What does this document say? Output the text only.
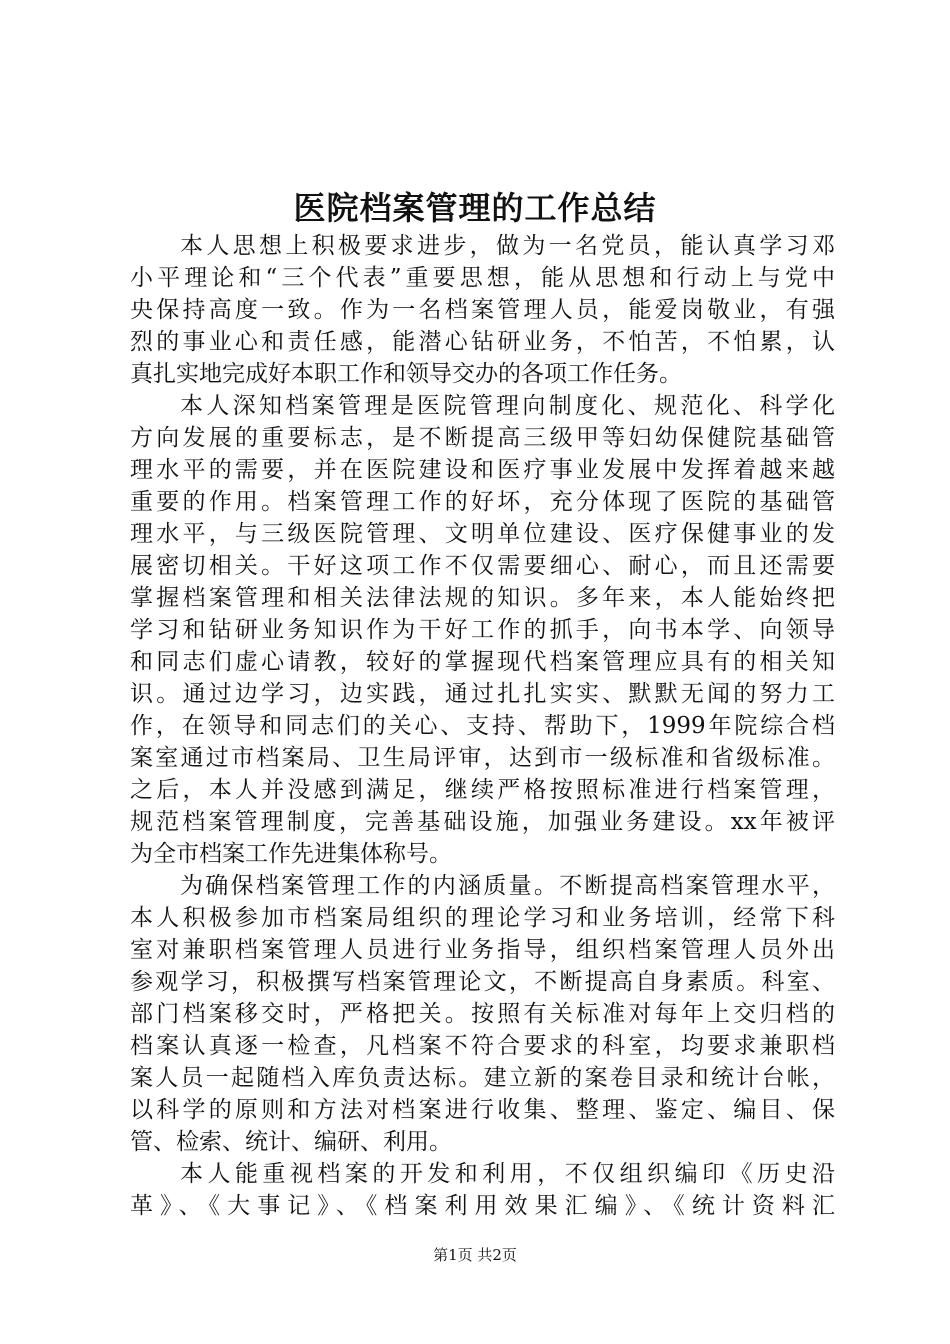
医院档案管理的工作总结
本人思想上积极要求进步，做为一名党员，能认真学习邓
小平理论和“三个代表”重要思想，能从思想和行动上与党中
央保持高度一致。作为一名档案管理人员，能爱岗敬业，有强
烈的事业心和责任感，能潜心钻研业务，不怕苦，不怕累，认
真扎实地完成好本职工作和领导交办的各项工作任务。
本人深知档案管理是医院管理向制度化、规范化、科学化
方向发展的重要标志，是不断提高三级甲等妇幼保健院基础管
理水平的需要，并在医院建设和医疗事业发展中发挥着越来越
重要的作用。档案管理工作的好坏，充分体现了医院的基础管
理水平，与三级医院管理、文明单位建设、医疗保健事业的发
展密切相关。干好这项工作不仅需要细心、耐心，而且还需要
掌握档案管理和相关法律法规的知识。多年来，本人能始终把
学习和钻研业务知识作为干好工作的抓手，向书本学、向领导
和同志们虚心请教，较好的掌握现代档案管理应具有的相关知
识。通过边学习，边实践，通过扎扎实实、默默无闻的努力工
作，在领导和同志们的关心、支持、帮助下，1999年院综合档
案室通过市档案局、卫生局评审，达到市一级标准和省级标准。
之后，本人并没感到满足，继续严格按照标准进行档案管理，
规范档案管理制度，完善基础设施，加强业务建设。xx年被评
为全市档案工作先进集体称号。
为确保档案管理工作的内涵质量。不断提高档案管理水平，
本人积极参加市档案局组织的理论学习和业务培训，经常下科
室对兼职档案管理人员进行业务指导，组织档案管理人员外出
参观学习，积极撰写档案管理论文，不断提高自身素质。科室、
部门档案移交时，严格把关。按照有关标准对每年上交归档的
档案认真逐一检查，凡档案不符合要求的科室，均要求兼职档
案人员一起随档入库负责达标。建立新的案卷目录和统计台帐，
以科学的原则和方法对档案进行收集、整理、鉴定、编目、保
管、检索、统计、编研、利用。
本人能重视档案的开发和利用，不仅组织编印《历史沿
革》、《大事记》、《档案利用效果汇编》、《统计资料汇
第1页 共2页
